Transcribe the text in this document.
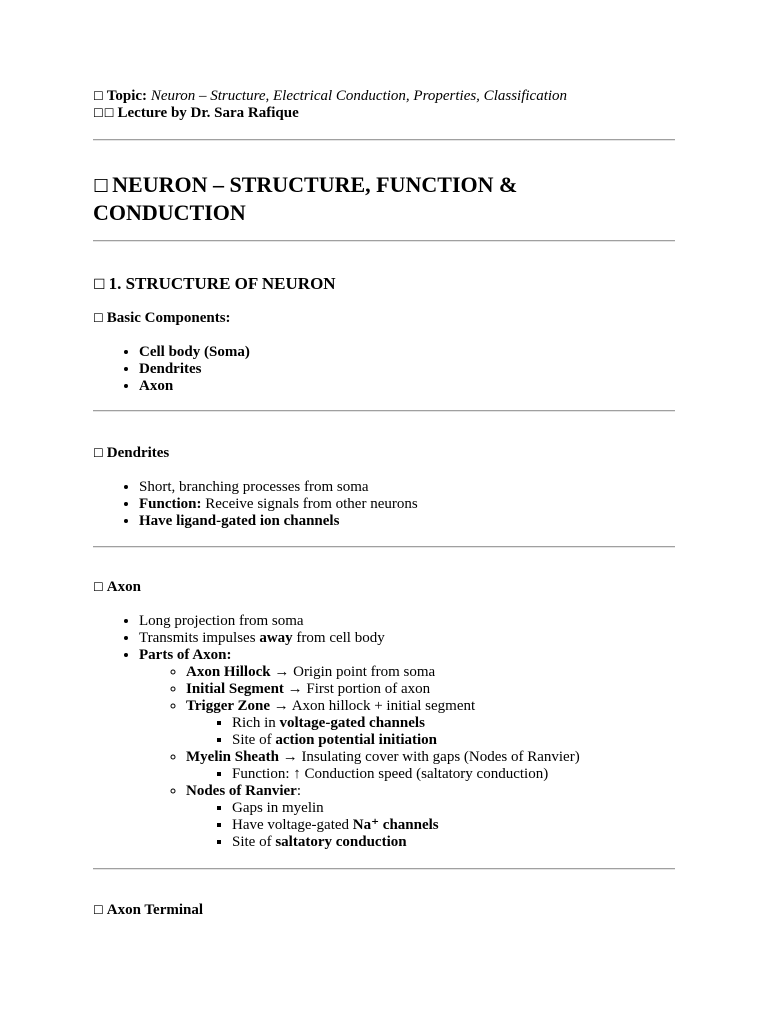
☐ Topic: Neuron – Structure, Electrical Conduction, Properties, Classification
☐☐ Lecture by Dr. Sara Rafique
☐ NEURON – STRUCTURE, FUNCTION &
CONDUCTION
☐ 1. STRUCTURE OF NEURON
☐ Basic Components:
• Cell body (Soma)
• Dendrites
• Axon
☐ Dendrites
• Short, branching processes from soma
• Function: Receive signals from other neurons
• Have ligand-gated ion channels
☐ Axon
• Long projection from soma
• Transmits impulses away from cell body
• Parts of Axon:
◦ Axon Hillock → Origin point from soma
◦ Initial Segment → First portion of axon
◦ Trigger Zone → Axon hillock + initial segment
▪ Rich in voltage-gated channels
▪ Site of action potential initiation
◦ Myelin Sheath → Insulating cover with gaps (Nodes of Ranvier)
▪ Function: ↑ Conduction speed (saltatory conduction)
◦ Nodes of Ranvier:
▪ Gaps in myelin
▪ Have voltage-gated Na⁺ channels
▪ Site of saltatory conduction
☐ Axon Terminal
